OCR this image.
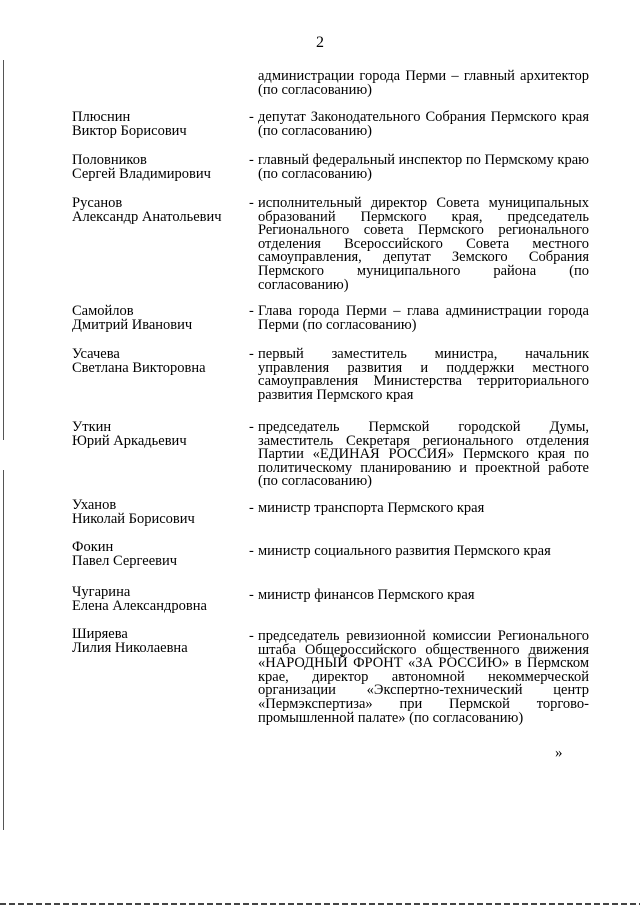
2
администрации города Перми – главный архитектор (по согласованию)
Плюснин
Виктор Борисович
- депутат Законодательного Собрания Пермского края (по согласованию)
Половников
Сергей Владимирович
- главный федеральный инспектор по Пермскому краю (по согласованию)
Русанов
Александр Анатольевич
- исполнительный директор Совета муниципальных образований Пермского края, председатель Регионального совета Пермского регионального отделения Всероссийского Совета местного самоуправления, депутат Земского Собрания Пермского муниципального района (по согласованию)
Самойлов
Дмитрий Иванович
- Глава города Перми – глава администрации города Перми (по согласованию)
Усачева
Светлана Викторовна
- первый заместитель министра, начальник управления развития и поддержки местного самоуправления Министерства территориального развития Пермского края
Уткин
Юрий Аркадьевич
- председатель Пермской городской Думы, заместитель Секретаря регионального отделения Партии «ЕДИНАЯ РОССИЯ» Пермского края по политическому планированию и проектной работе (по согласованию)
Уханов
Николай Борисович
- министр транспорта Пермского края
Фокин
Павел Сергеевич
- министр социального развития Пермского края
Чугарина
Елена Александровна
- министр финансов Пермского края
Ширяева
Лилия Николаевна
- председатель ревизионной комиссии Регионального штаба Общероссийского общественного движения «НАРОДНЫЙ ФРОНТ «ЗА РОССИЮ» в Пермском крае, директор автономной некоммерческой организации «Экспертно-технический центр «Пермэкспертиза» при Пермской торгово-промышленной палате» (по согласованию)
»
